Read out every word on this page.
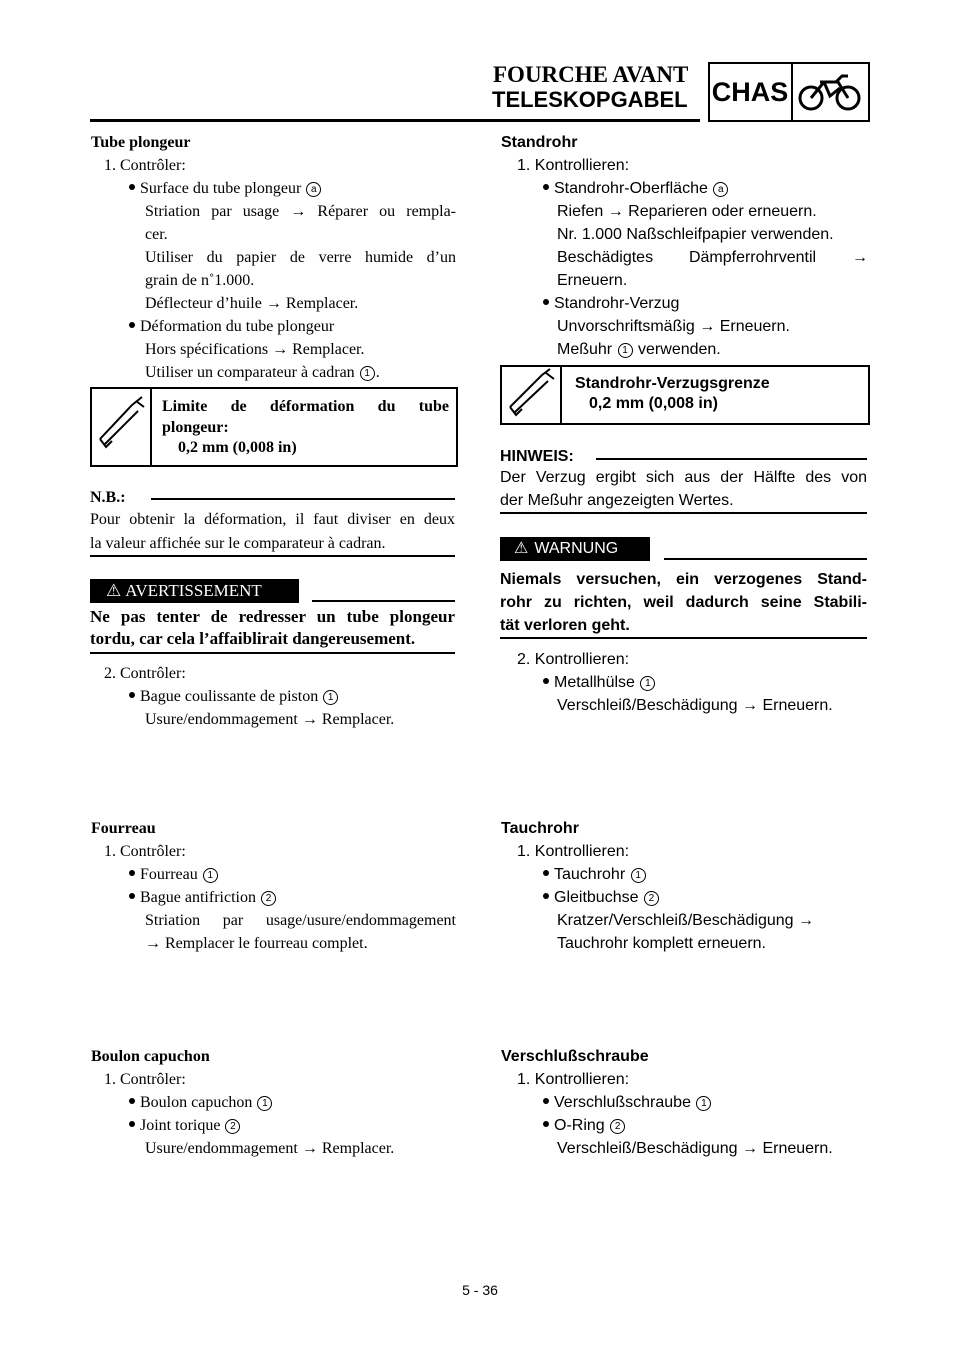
FOURCHE AVANT
TELESKOPGABEL CHAS
Tube plongeur
1. Contrôler:
Surface du tube plongeur a
Striation par usage → Réparer ou rempla-
cer.
Utiliser du papier de verre humide d’un
grain de n˚1.000.
Déflecteur d’huile → Remplacer.
Déformation du tube plongeur
Hors spécifications → Remplacer.
Utiliser un comparateur à cadran 1 .
Limite de déformation du tube
plongeur:
0,2 mm (0,008 in)
N.B.:
Pour obtenir la déformation, il faut diviser en deux
la valeur affichée sur le comparateur à cadran.
⚠ AVERTISSEMENT
Ne pas tenter de redresser un tube plongeur
tordu, car cela l’affaiblirait dangereusement.
2. Contrôler:
Bague coulissante de piston 1
Usure/endommagement → Remplacer.
Fourreau
1. Contrôler:
Fourreau 1
Bague antifriction 2
Striation par usage/usure/endommagement
→ Remplacer le fourreau complet.
Boulon capuchon
1. Contrôler:
Boulon capuchon 1
Joint torique 2
Usure/endommagement → Remplacer.
Standrohr
1. Kontrollieren:
Standrohr-Oberfläche a
Riefen → Reparieren oder erneuern.
Nr. 1.000 Naßschleifpapier verwenden.
Beschädigtes Dämpferrohrventil →
Erneuern.
Standrohr-Verzug
Unvorschriftsmäßig → Erneuern.
Meßuhr 1 verwenden.
Standrohr-Verzugsgrenze
0,2 mm (0,008 in)
HINWEIS:
Der Verzug ergibt sich aus der Hälfte des von
der Meßuhr angezeigten Wertes.
⚠ WARNUNG
Niemals versuchen, ein verzogenes Stand-
rohr zu richten, weil dadurch seine Stabili-
tät verloren geht.
2. Kontrollieren:
Metallhülse 1
Verschleiß/Beschädigung → Erneuern.
Tauchrohr
1. Kontrollieren:
Tauchrohr 1
Gleitbuchse 2
Kratzer/Verschleiß/Beschädigung →
Tauchrohr komplett erneuern.
Verschlußschraube
1. Kontrollieren:
Verschlußschraube 1
O-Ring 2
Verschleiß/Beschädigung → Erneuern.
5 - 36
